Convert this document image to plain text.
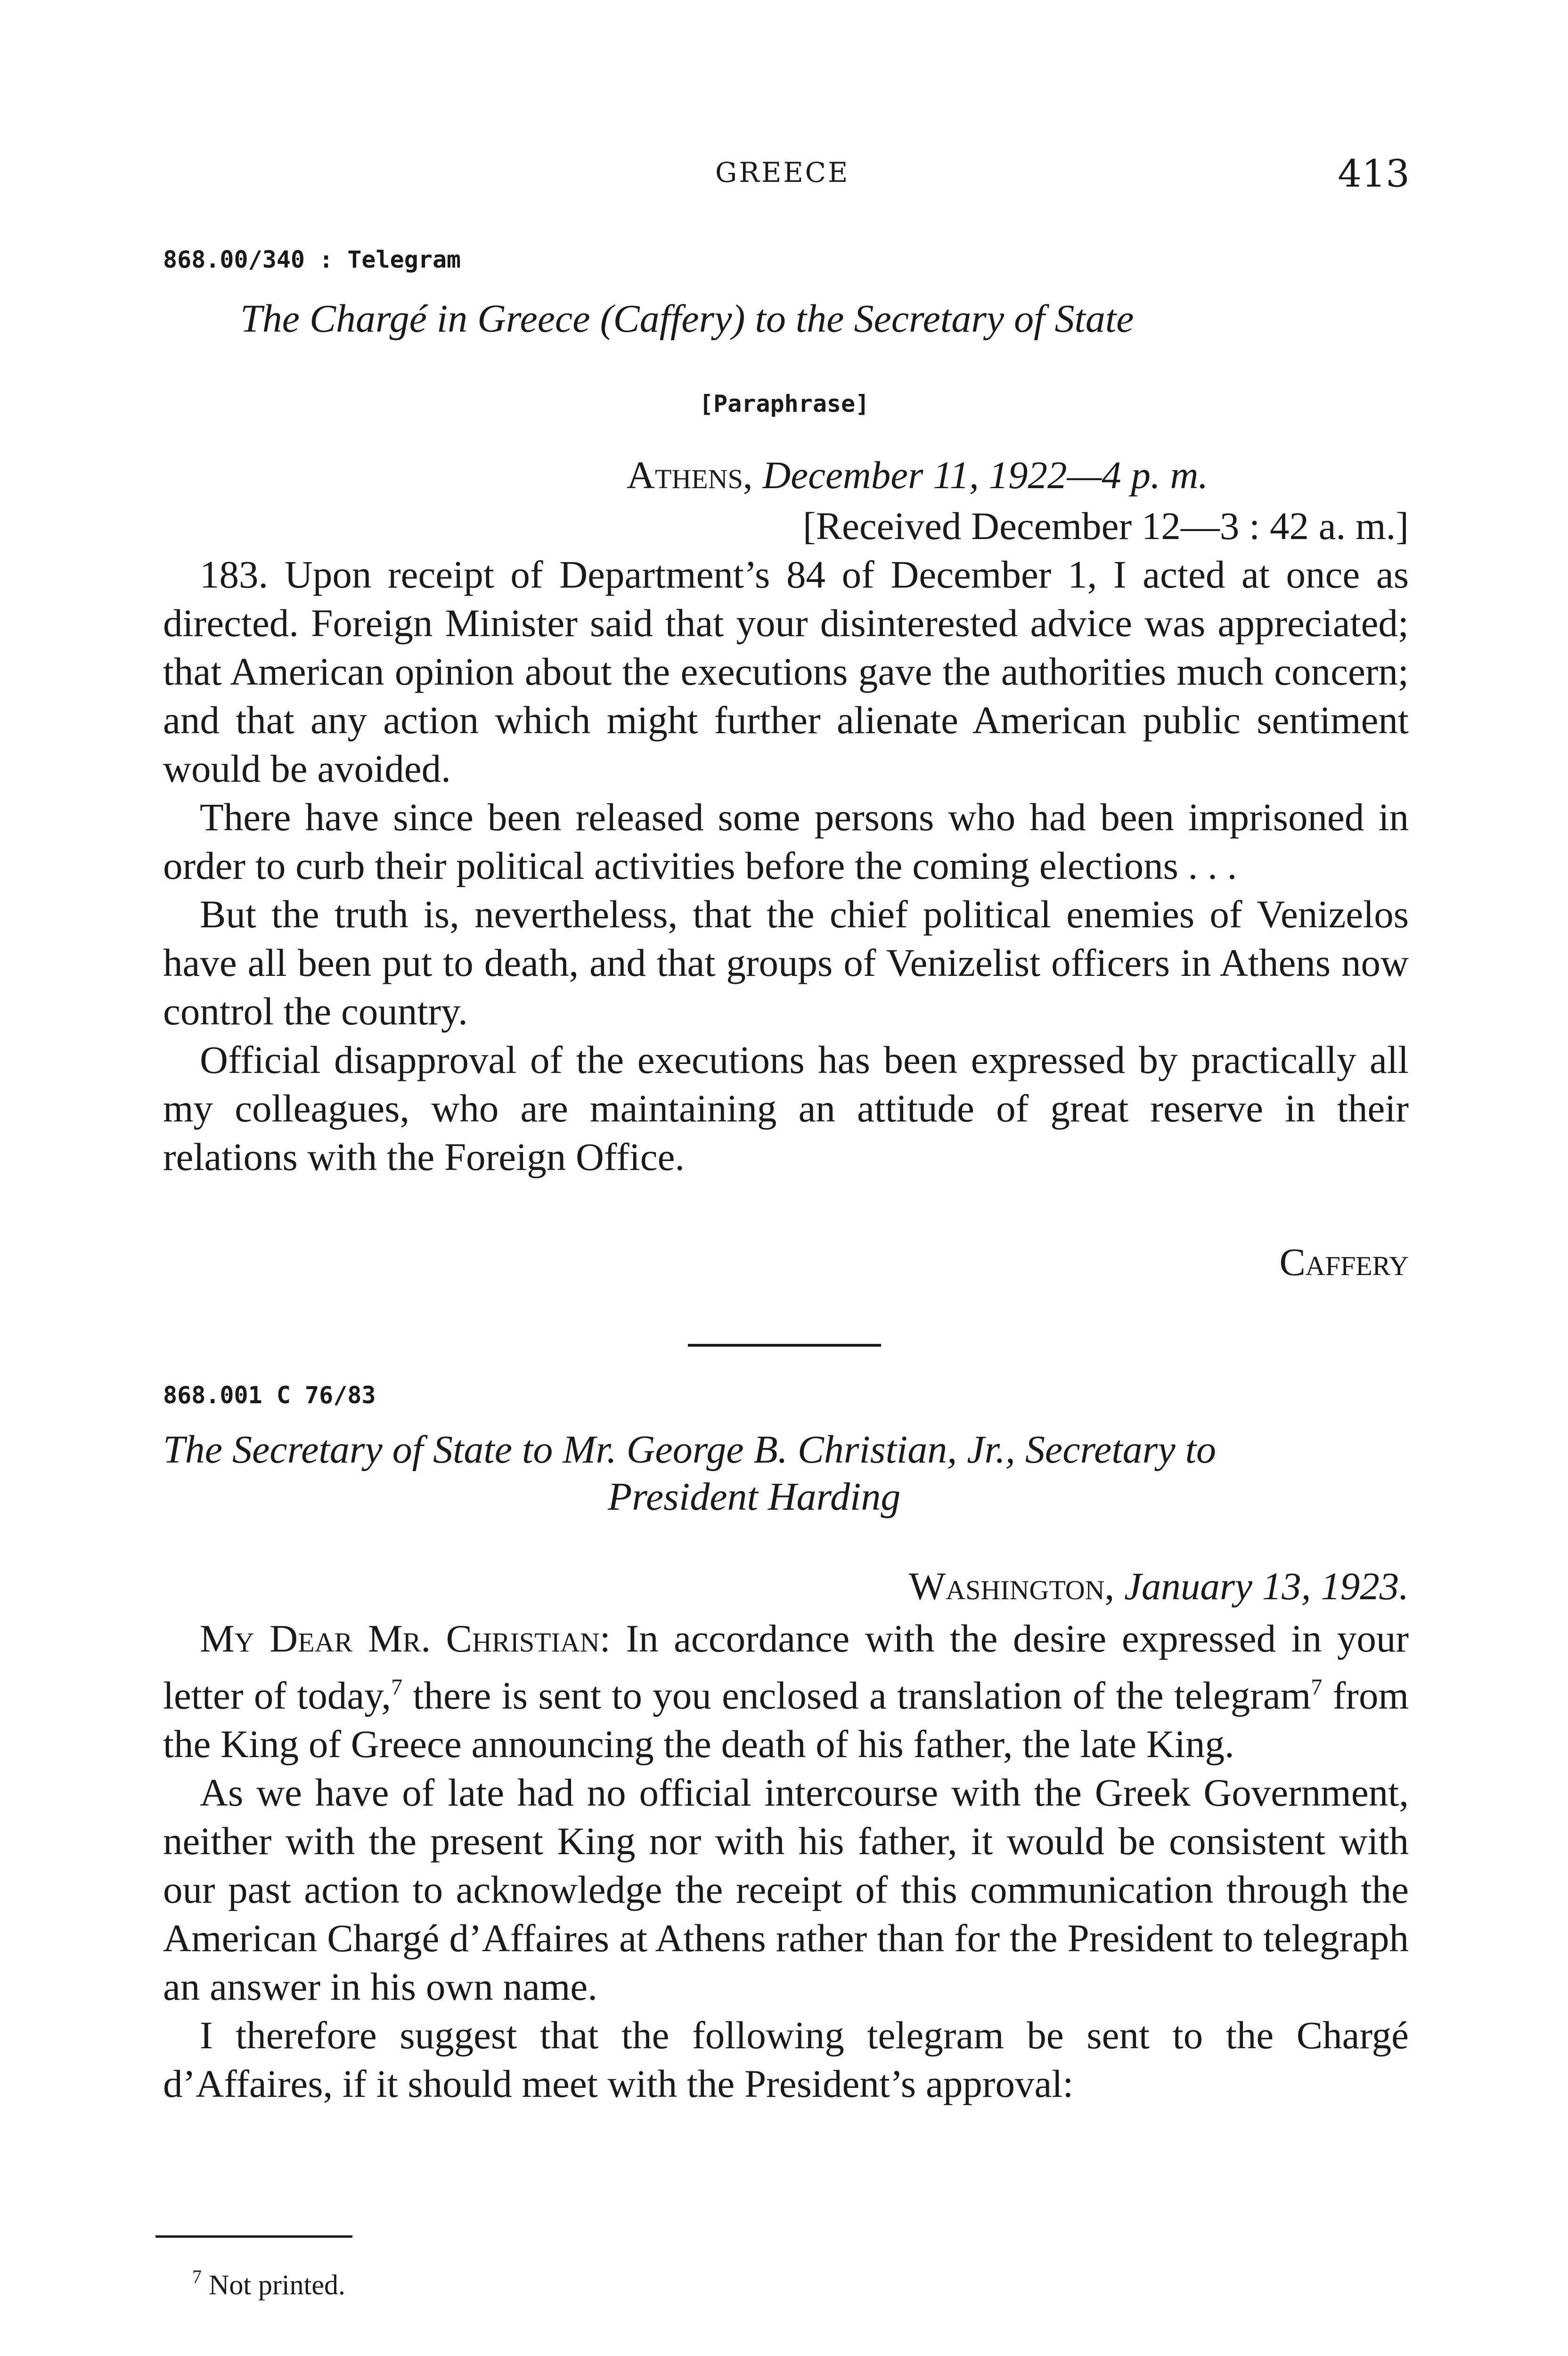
GREECE	413
868.00/340 : Telegram
The Chargé in Greece (Caffery) to the Secretary of State
[Paraphrase]
Athens, December 11, 1922—4 p. m.
[Received December 12—3 : 42 a. m.]

183. Upon receipt of Department’s 84 of December 1, I acted at once as directed. Foreign Minister said that your disinterested advice was appreciated; that American opinion about the executions gave the authorities much concern; and that any action which might further alienate American public sentiment would be avoided.

There have since been released some persons who had been imprisoned in order to curb their political activities before the coming elections . . .

But the truth is, nevertheless, that the chief political enemies of Venizelos have all been put to death, and that groups of Venizelist officers in Athens now control the country.

Official disapproval of the executions has been expressed by practically all my colleagues, who are maintaining an attitude of great reserve in their relations with the Foreign Office.

Caffery
868.001 C 76/83
The Secretary of State to Mr. George B. Christian, Jr., Secretary to
President Harding
Washington, January 13, 1923.

My Dear Mr. Christian: In accordance with the desire expressed in your letter of today,$^7$ there is sent to you enclosed a translation of the telegram$^7$ from the King of Greece announcing the death of his father, the late King.

As we have of late had no official intercourse with the Greek Government, neither with the present King nor with his father, it would be consistent with our past action to acknowledge the receipt of this communication through the American Chargé d’Affaires at Athens rather than for the President to telegraph an answer in his own name.

I therefore suggest that the following telegram be sent to the Chargé d’Affaires, if it should meet with the President’s approval:

$^7$ Not printed.
